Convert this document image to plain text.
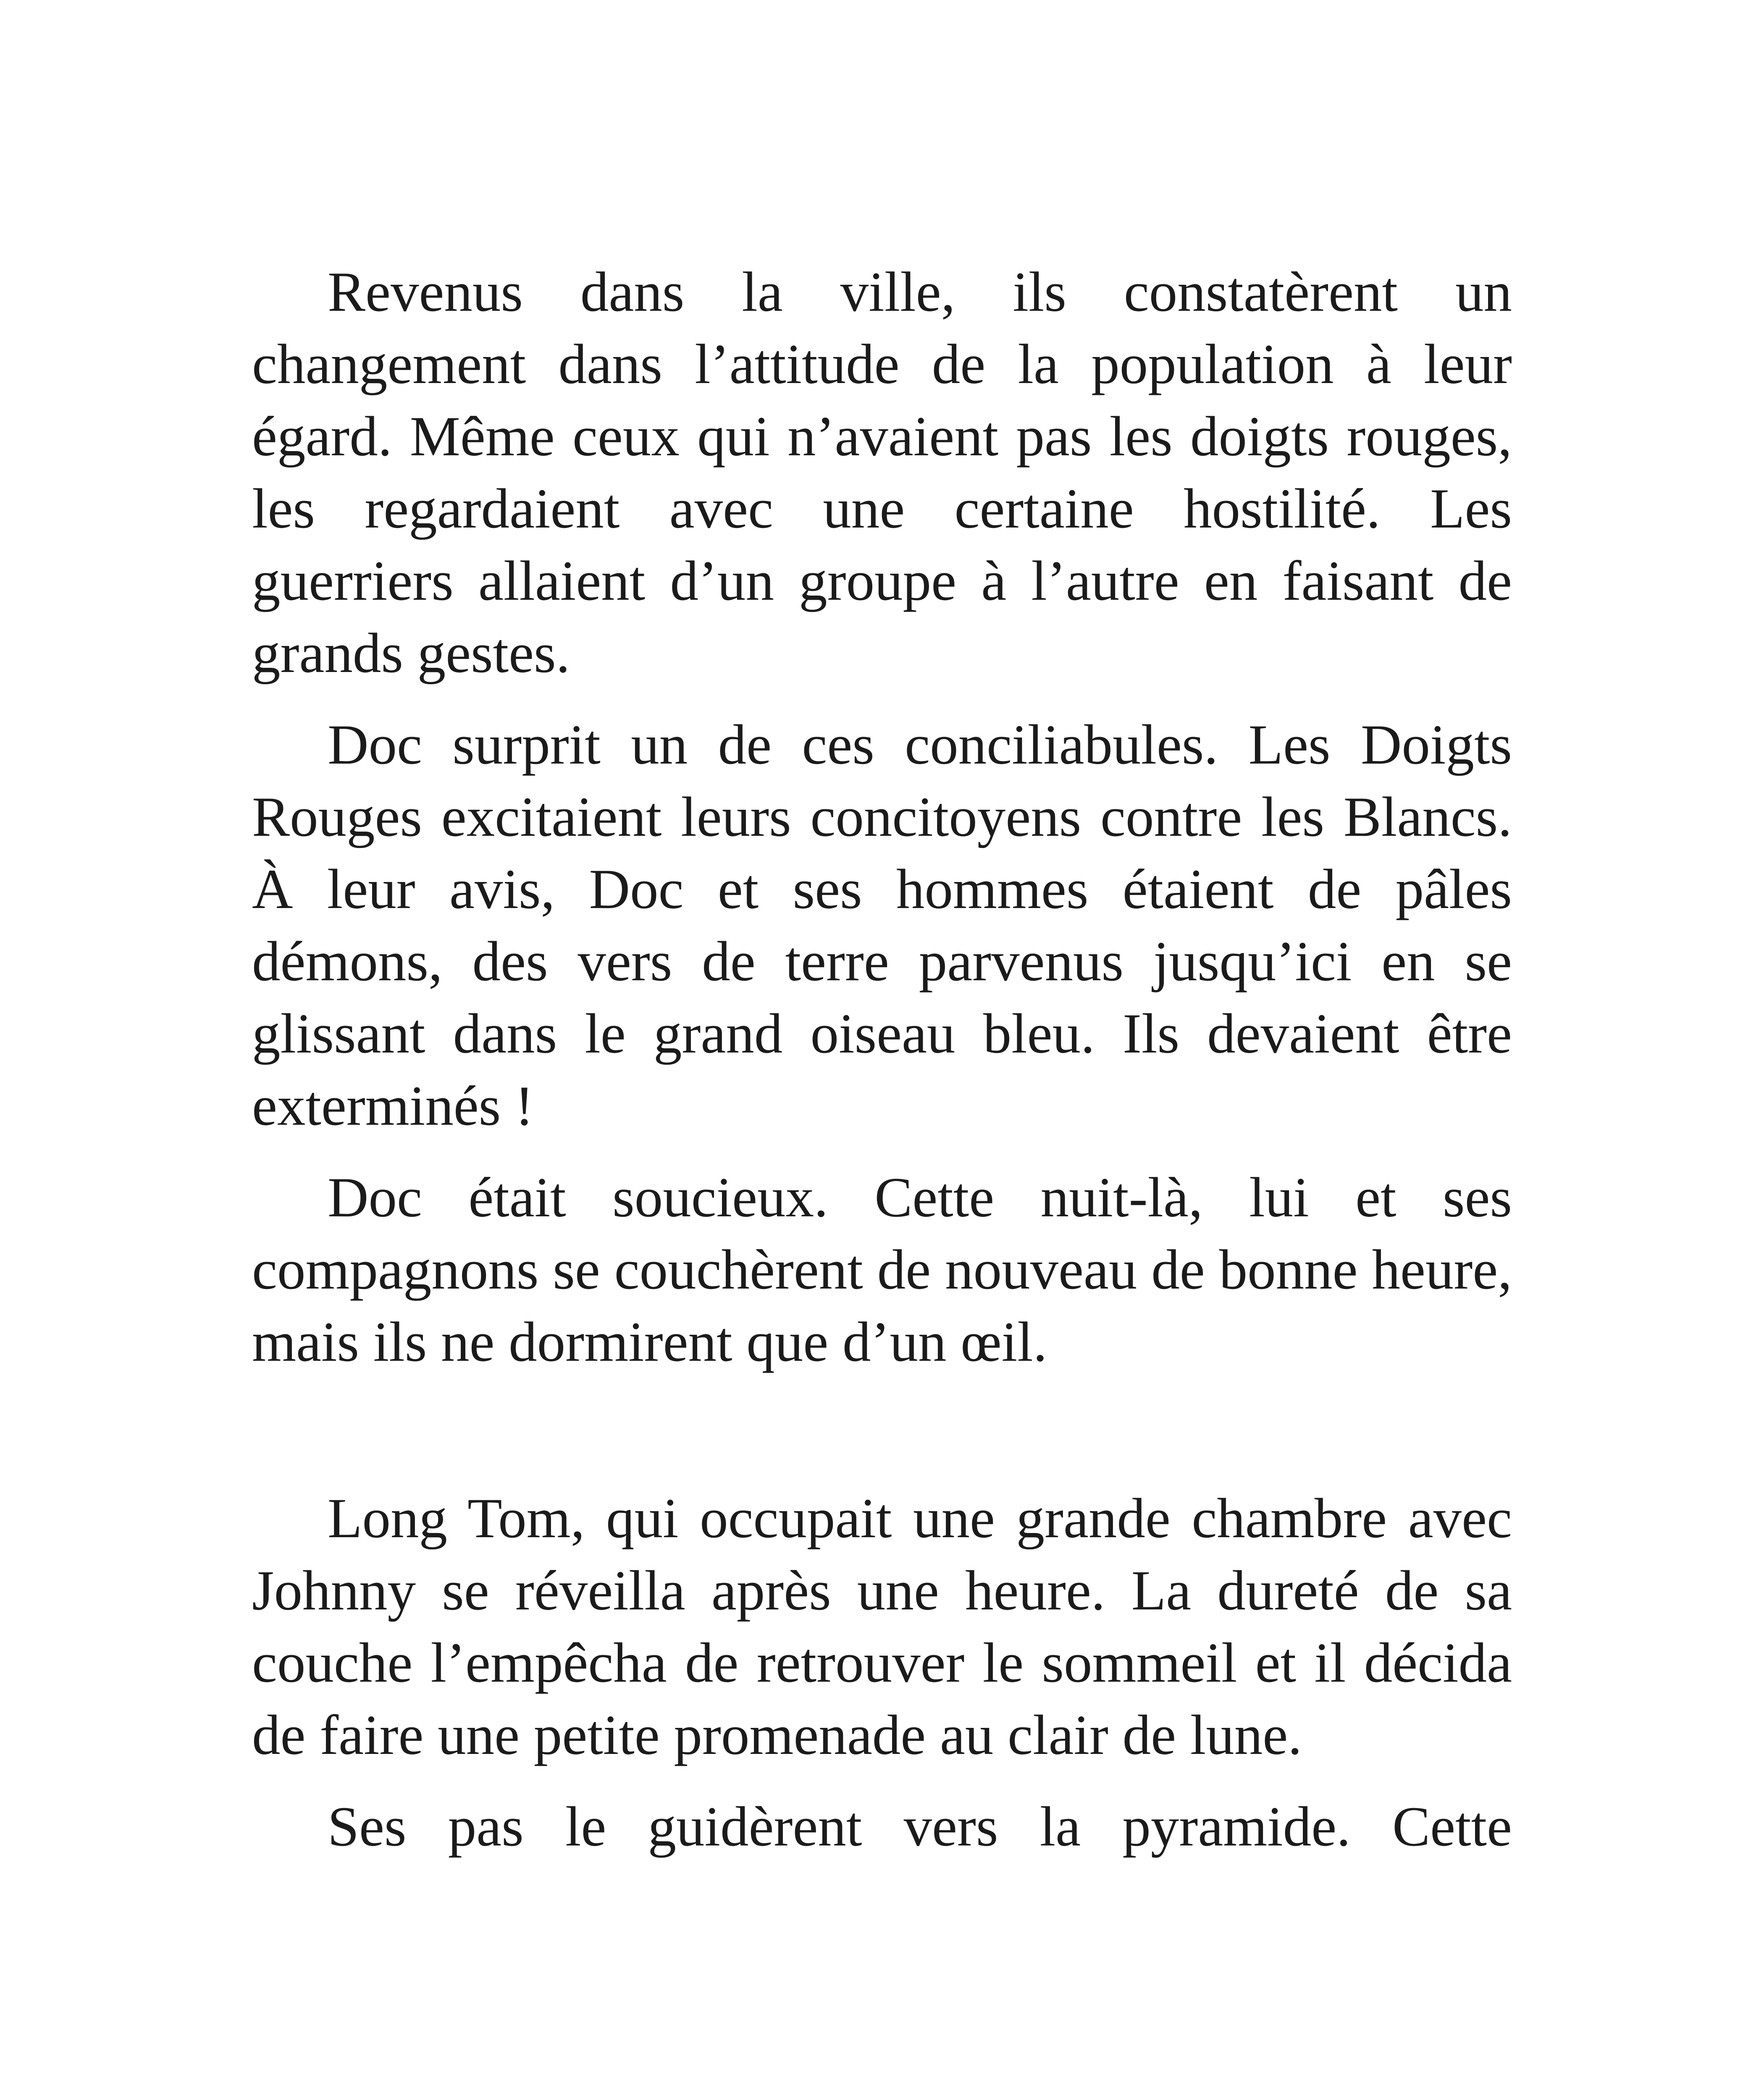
Revenus dans la ville, ils constatèrent un changement dans l’attitude de la population à leur égard. Même ceux qui n’avaient pas les doigts rouges, les regardaient avec une certaine hostilité. Les guerriers allaient d’un groupe à l’autre en faisant de grands gestes.

Doc surprit un de ces conciliabules. Les Doigts Rouges excitaient leurs concitoyens contre les Blancs. À leur avis, Doc et ses hommes étaient de pâles démons, des vers de terre parvenus jusqu’ici en se glissant dans le grand oiseau bleu. Ils devaient être exterminés !

Doc était soucieux. Cette nuit-là, lui et ses compagnons se couchèrent de nouveau de bonne heure, mais ils ne dormirent que d’un œil.

Long Tom, qui occupait une grande chambre avec Johnny se réveilla après une heure. La dureté de sa couche l’empêcha de retrouver le sommeil et il décida de faire une petite promenade au clair de lune.

Ses pas le guidèrent vers la pyramide. Cette
